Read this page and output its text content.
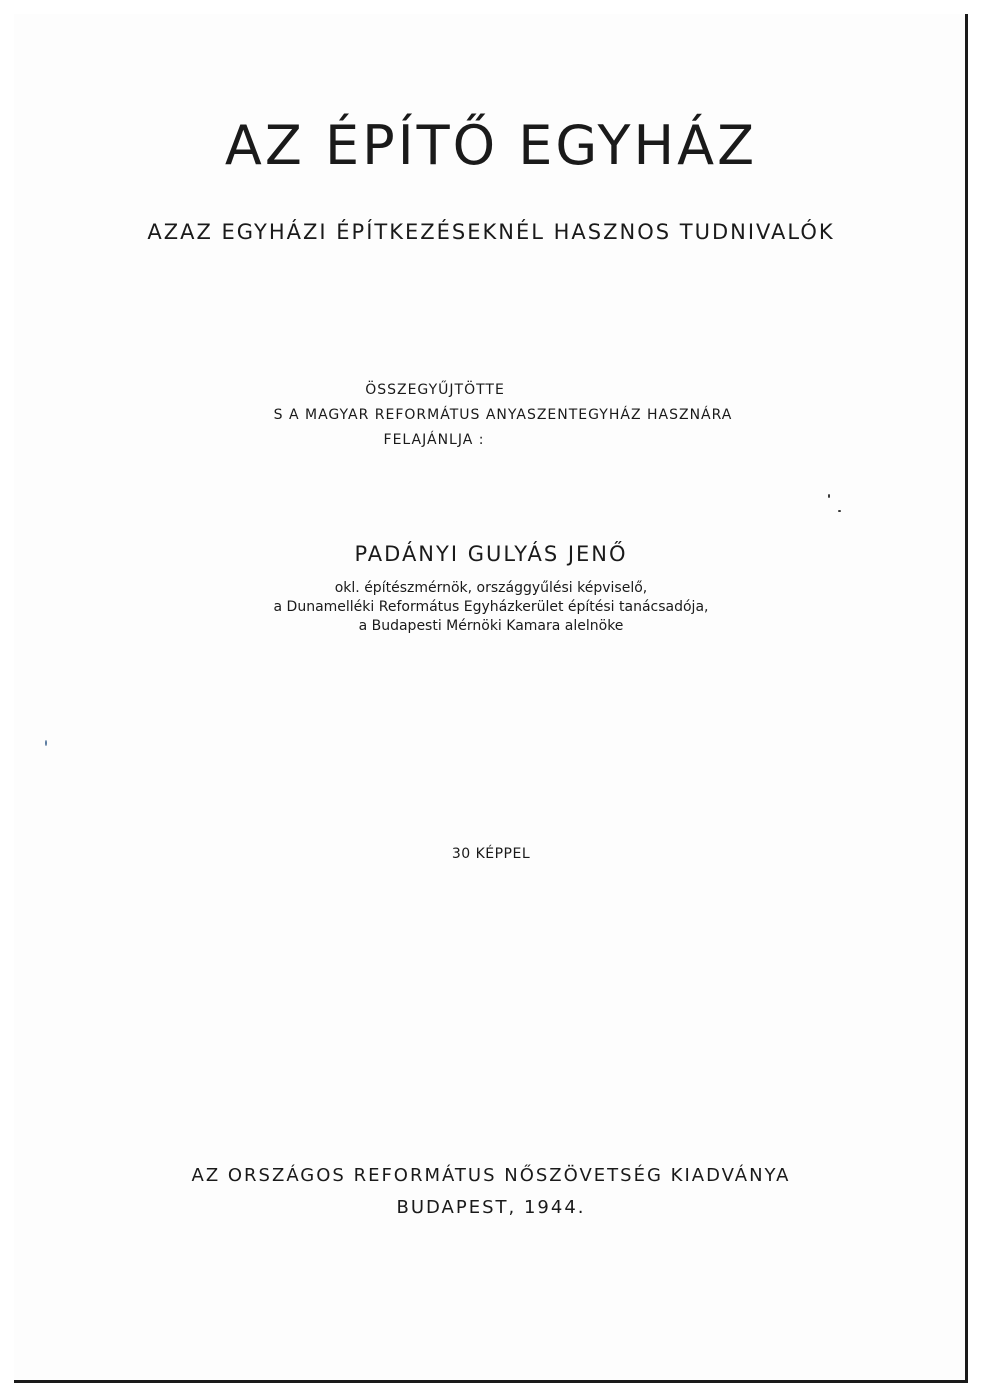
AZ ÉPÍTŐ EGYHÁZ
AZAZ EGYHÁZI ÉPÍTKEZÉSEKNÉL HASZNOS TUDNIVALÓK
ÖSSZEGYŰJTÖTTE
S A MAGYAR REFORMÁTUS ANYASZENTEGYHÁZ HASZNÁRA
FELAJÁNLJA :
PADÁNYI GULYÁS JENŐ
okl. építészmérnök, országgyűlési képviselő,
a Dunamelléki Református Egyházkerület építési tanácsadója,
a Budapesti Mérnöki Kamara alelnöke
30 KÉPPEL
AZ ORSZÁGOS REFORMÁTUS NŐSZÖVETSÉG KIADVÁNYA
BUDAPEST, 1944.
